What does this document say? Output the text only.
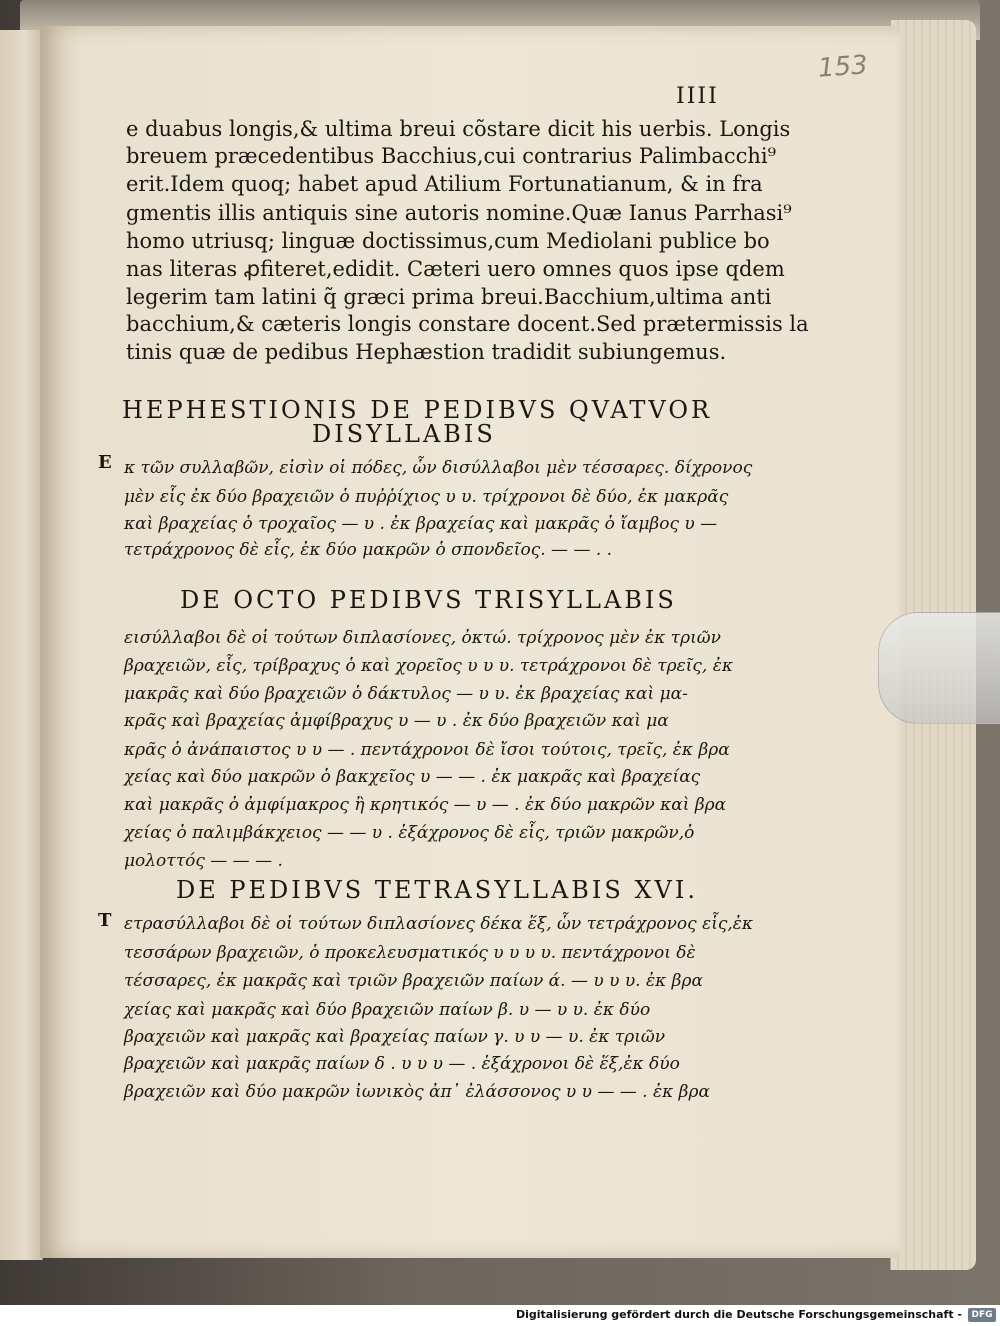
153
IIII
e duabus longis,& ultima breui cõstare dicit his uerbis. Longis
breuem præcedentibus Bacchius,cui contrarius Palimbacchi⁹
erit.Idem quoq; habet apud Atilium Fortunatianum, & in fra
gmentis illis antiquis sine autoris nomine.Quæ Ianus Parrhasi⁹
homo utriusq; linguæ doctissimus,cum Mediolani publice bo
nas literas ꝓfiteret,edidit. Cæteri uero omnes quos ipse qdem
legerim tam latini q̃ græci prima breui.Bacchium,ultima anti
bacchium,& cæteris longis constare docent.Sed prætermissis la
tinis quæ de pedibus Hephæstion tradidit subiungemus.
HEPHESTIONIS DE PEDIBVS QVATVOR
DISYLLABIS
E κ τῶν συλλαβῶν, εἰσὶν οἱ πόδες, ὧν δισύλλαβοι μὲν τέσσαρες. δίχρονος
μὲν εἷς ἐκ δύο βραχειῶν ὁ πυῤῥίχιος υ υ. τρίχρονοι δὲ δύο, ἐκ μακρᾶς
καὶ βραχείας ὁ τροχαῖος — υ . ἐκ βραχείας καὶ μακρᾶς ὁ ἴαμβος υ —
τετράχρονος δὲ εἷς, ἐκ δύο μακρῶν ὁ σπονδεῖος. — — . .
DE OCTO PEDIBVS TRISYLLABIS
εισύλλαβοι δὲ οἱ τούτων διπλασίονες, ὀκτώ. τρίχρονος μὲν ἐκ τριῶν
βραχειῶν, εἷς, τρίβραχυς ὁ καὶ χορεῖος υ υ υ. τετράχρονοι δὲ τρεῖς, ἐκ
μακρᾶς καὶ δύο βραχειῶν ὁ δάκτυλος — υ υ. ἐκ βραχείας καὶ μα-
κρᾶς καὶ βραχείας ἀμφίβραχυς υ — υ . ἐκ δύο βραχειῶν καὶ μα
κρᾶς ὁ ἀνάπαιστος υ υ — . πεντάχρονοι δὲ ἴσοι τούτοις, τρεῖς, ἐκ βρα
χείας καὶ δύο μακρῶν ὁ βακχεῖος υ — — . ἐκ μακρᾶς καὶ βραχείας
καὶ μακρᾶς ὁ ἀμφίμακρος ἢ κρητικός — υ — . ἐκ δύο μακρῶν καὶ βρα
χείας ὁ παλιμβάκχειος — — υ . ἑξάχρονος δὲ εἷς, τριῶν μακρῶν,ὁ
μολοττός — — — .
DE PEDIBVS TETRASYLLABIS XVI.
T ετρασύλλαβοι δὲ οἱ τούτων διπλασίονες δέκα ἕξ, ὧν τετράχρονος εἷς,ἐκ
τεσσάρων βραχειῶν, ὁ προκελευσματικός υ υ υ υ. πεντάχρονοι δὲ
τέσσαρες, ἐκ μακρᾶς καὶ τριῶν βραχειῶν παίων ά. — υ υ υ. ἐκ βρα
χείας καὶ μακρᾶς καὶ δύο βραχειῶν παίων β. υ — υ υ. ἐκ δύο
βραχειῶν καὶ μακρᾶς καὶ βραχείας παίων γ. υ υ — υ. ἐκ τριῶν
βραχειῶν καὶ μακρᾶς παίων δ . υ υ υ — . ἑξάχρονοι δὲ ἕξ,ἐκ δύο
βραχειῶν καὶ δύο μακρῶν ἰωνικὸς ἀπ᾽ ἐλάσσονος υ υ — — . ἐκ βρα
Digitalisierung gefördert durch die Deutsche Forschungsgemeinschaft -	DFG
